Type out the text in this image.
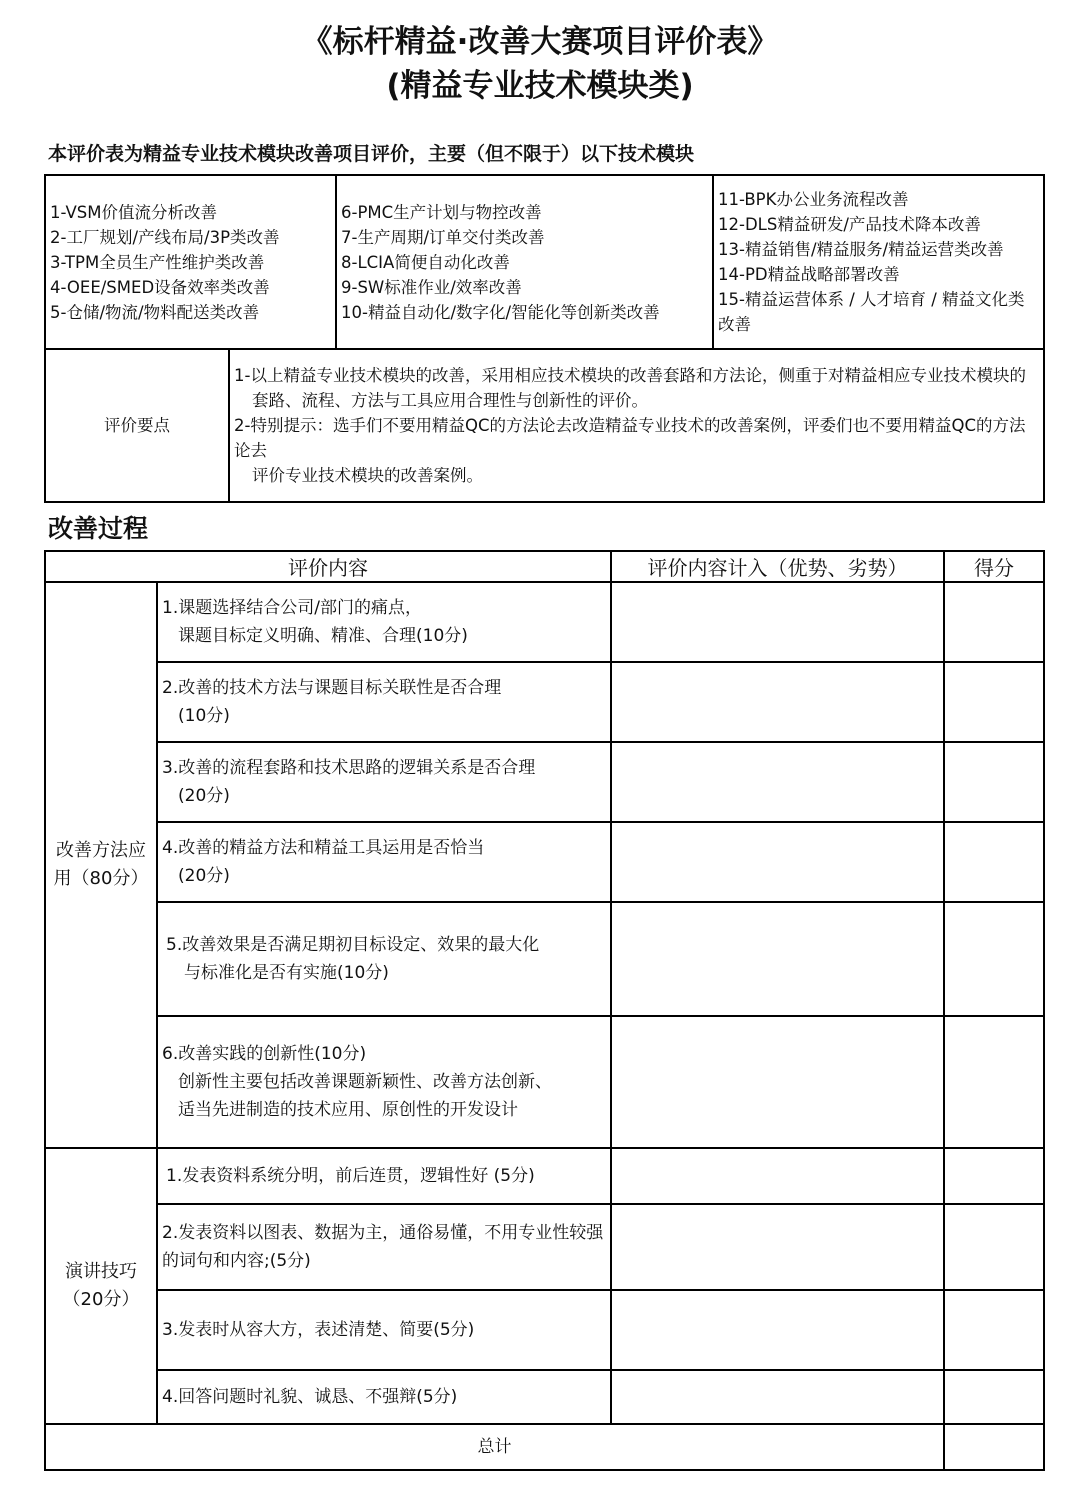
《标杆精益·改善大赛项目评价表》
(精益专业技术模块类)
本评价表为精益专业技术模块改善项目评价，主要（但不限于）以下技术模块
1-VSM价值流分析改善
2-工厂规划/产线布局/3P类改善
3-TPM全员生产性维护类改善
4-OEE/SMED设备效率类改善
5-仓储/物流/物料配送类改善

6-PMC生产计划与物控改善
7-生产周期/订单交付类改善
8-LCIA简便自动化改善
9-SW标准作业/效率改善
10-精益自动化/数字化/智能化等创新类改善

11-BPK办公业务流程改善
12-DLS精益研发/产品技术降本改善
13-精益销售/精益服务/精益运营类改善
14-PD精益战略部署改善
15-精益运营体系 / 人才培育 / 精益文化类改善
评价要点	
1-以上精益专业技术模块的改善，采用相应技术模块的改善套路和方法论，侧重于对精益相应专业技术模块的
套路、流程、方法与工具应用合理性与创新性的评价。
2-特别提示：选手们不要用精益QC的方法论去改造精益专业技术的改善案例，评委们也不要用精益QC的方法论去
评价专业技术模块的改善案例。
改善过程
评价内容		评价内容计入（优势、劣势）	得分
改善方法应用（80分）	1.课题选择结合公司/部门的痛点，
课题目标定义明确、精准、合理(10分)		

	2.改善的技术方法与课题目标关联性是否合理
(10分)		

	3.改善的流程套路和技术思路的逻辑关系是否合理
(20分)		

	4.改善的精益方法和精益工具运用是否恰当
(20分)		

	5.改善效果是否满足期初目标设定、效果的最大化
与标准化是否有实施(10分)		

	6.改善实践的创新性(10分)
创新性主要包括改善课题新颖性、改善方法创新、
适当先进制造的技术应用、原创性的开发设计		

演讲技巧（20分）	1.发表资料系统分明，前后连贯，逻辑性好 (5分)		

	2.发表资料以图表、数据为主，通俗易懂，不用专业性较强的词句和内容;(5分)		

	3.发表时从容大方，表述清楚、简要(5分)		

	4.回答问题时礼貌、诚恳、不强辩(5分)		

总计			
